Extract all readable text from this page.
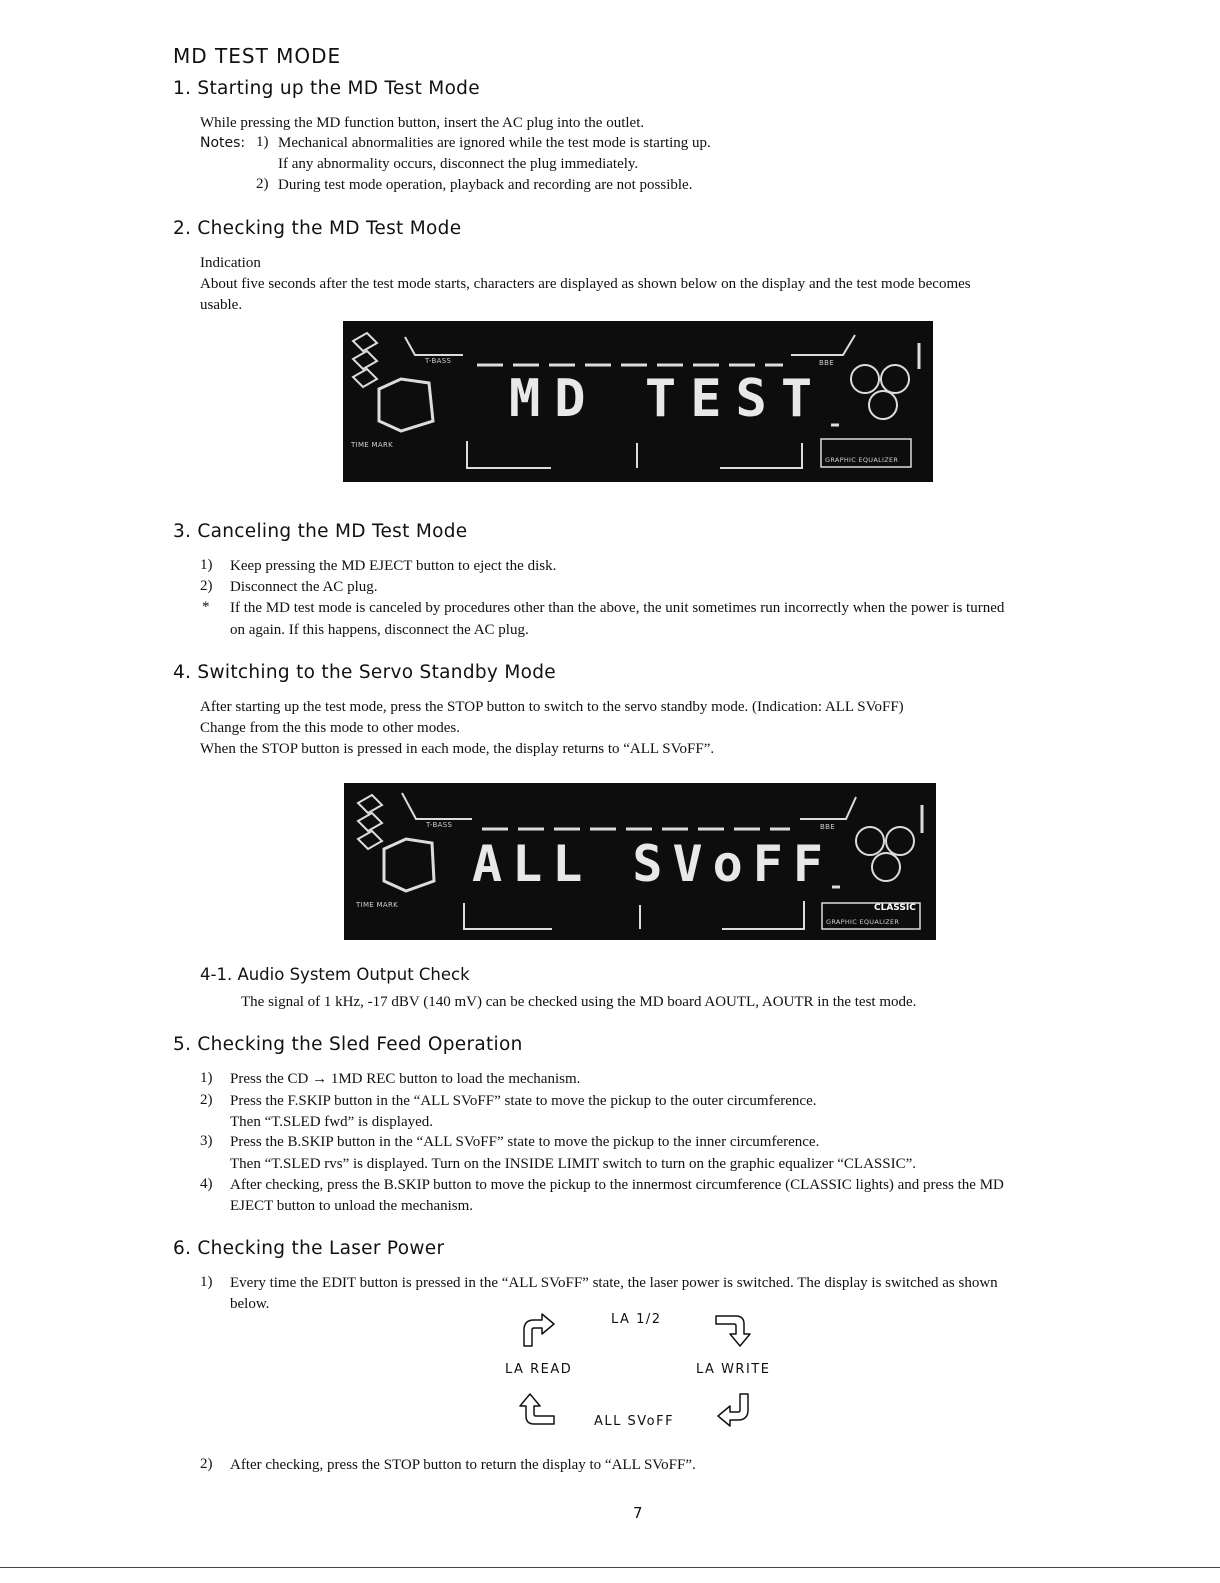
MD TEST MODE
1. Starting up the MD Test Mode
While pressing the MD function button, insert the AC plug into the outlet.
Notes: 1) Mechanical abnormalities are ignored while the test mode is starting up.
If any abnormality occurs, disconnect the plug immediately.
2) During test mode operation, playback and recording are not possible.
2. Checking the MD Test Mode
Indication
About five seconds after the test mode starts, characters are displayed as shown below on the display and the test mode becomes
usable.
MD TEST
T-BASS	BBE
TIME MARK
GRAPHIC EQUALIZER
3. Canceling the MD Test Mode
1) Keep pressing the MD EJECT button to eject the disk.
2) Disconnect the AC plug.
* If the MD test mode is canceled by procedures other than the above, the unit sometimes run incorrectly when the power is turned
on again. If this happens, disconnect the AC plug.
4. Switching to the Servo Standby Mode
After starting up the test mode, press the STOP button to switch to the servo standby mode. (Indication: ALL SVoFF)
Change from the this mode to other modes.
When the STOP button is pressed in each mode, the display returns to “ALL SVoFF”.
ALL SVoFF
T-BASS	BBE
TIME MARK	CLASSIC
GRAPHIC EQUALIZER
4-1. Audio System Output Check
The signal of 1 kHz, -17 dBV (140 mV) can be checked using the MD board AOUTL, AOUTR in the test mode.
5. Checking the Sled Feed Operation
1) Press the CD → 1MD REC button to load the mechanism.
2) Press the F.SKIP button in the “ALL SVoFF” state to move the pickup to the outer circumference.
Then “T.SLED fwd” is displayed.
3) Press the B.SKIP button in the “ALL SVoFF” state to move the pickup to the inner circumference.
Then “T.SLED rvs” is displayed. Turn on the INSIDE LIMIT switch to turn on the graphic equalizer “CLASSIC”.
4) After checking, press the B.SKIP button to move the pickup to the innermost circumference (CLASSIC lights) and press the MD
EJECT button to unload the mechanism.
6. Checking the Laser Power
1) Every time the EDIT button is pressed in the “ALL SVoFF” state, the laser power is switched. The display is switched as shown
below.
LA 1/2
LA READ	LA WRITE
ALL SVoFF
2) After checking, press the STOP button to return the display to “ALL SVoFF”.
7
